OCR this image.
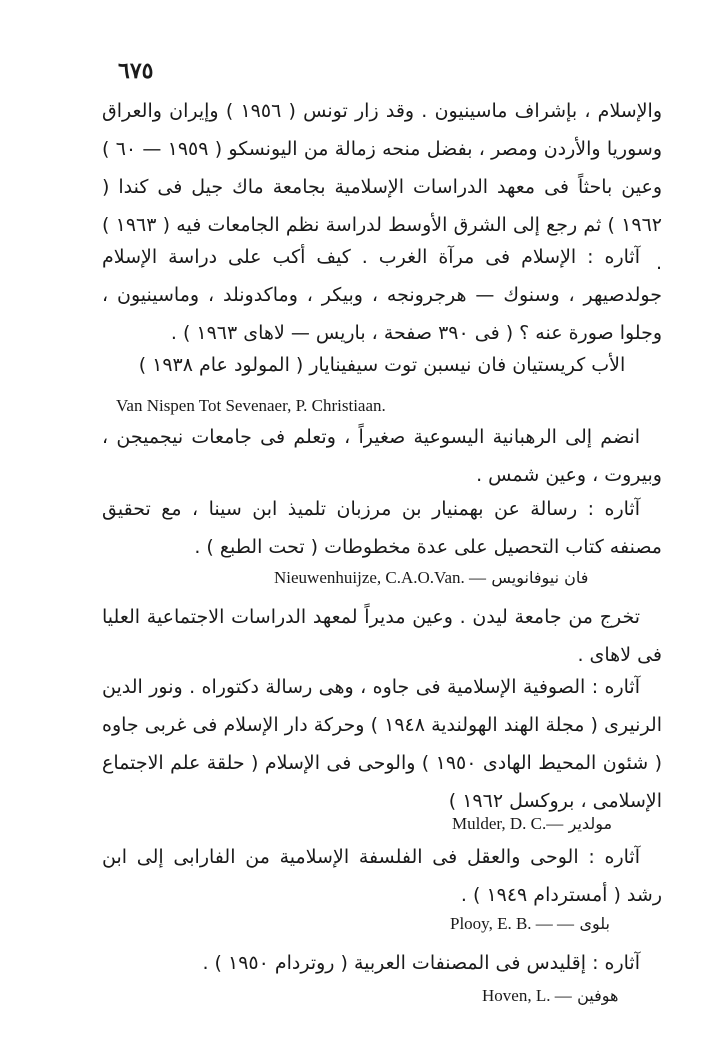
٦٧٥
والإسلام ، بإشراف ماسينيون . وقد زار تونس ( ١٩٥٦ ) وإيران والعراق وسوريا والأردن ومصر ، بفضل منحه زمالة من اليونسكو ( ١٩٥٩ — ٦٠ ) وعين باحثاً فى معهد الدراسات الإسلامية بجامعة ماك جيل فى كندا ( ١٩٦٢ ) ثم رجع إلى الشرق الأوسط لدراسة نظم الجامعات فيه ( ١٩٦٣ ) .
آثاره : الإسلام فى مرآة الغرب . كيف أكب على دراسة الإسلام جولدصيهر ، وسنوك — هرجرونجه ، وبيكر ، وماكدونلد ، وماسينيون ، وجلوا صورة عنه ؟ ( فى ٣٩٠ صفحة ، باريس — لاهاى ١٩٦٣ ) .
الأب كريستيان فان نيسبن توت سيفينايار ( المولود عام ١٩٣٨ )
Van Nispen Tot Sevenaer, P. Christiaan.
انضم إلى الرهبانية اليسوعية صغيراً ، وتعلم فى جامعات نيجميجن ، وبيروت ، وعين شمس .
آثاره : رسالة عن بهمنيار بن مرزبان تلميذ ابن سينا ، مع تحقيق مصنفه كتاب التحصيل على عدة مخطوطات ( تحت الطبع ) .
Nieuwenhuijze, C.A.O.Van. — فان نيوفانويس
تخرج من جامعة ليدن . وعين مديراً لمعهد الدراسات الاجتماعية العليا فى لاهاى .
آثاره : الصوفية الإسلامية فى جاوه ، وهى رسالة دكتوراه . ونور الدين الرنيرى ( مجلة الهند الهولندية ١٩٤٨ ) وحركة دار الإسلام فى غربى جاوه ( شئون المحيط الهادى ١٩٥٠ ) والوحى فى الإسلام ( حلقة علم الاجتماع الإسلامى ، بروكسل ١٩٦٢ )
Mulder, D. C.— مولدير
آثاره : الوحى والعقل فى الفلسفة الإسلامية من الفارابى إلى ابن رشد ( أمستردام ١٩٤٩ ) .
Plooy, E. B. — — بلوى
آثاره : إقليدس فى المصنفات العربية ( روتردام ١٩٥٠ ) .
Hoven, L. — هوفين
